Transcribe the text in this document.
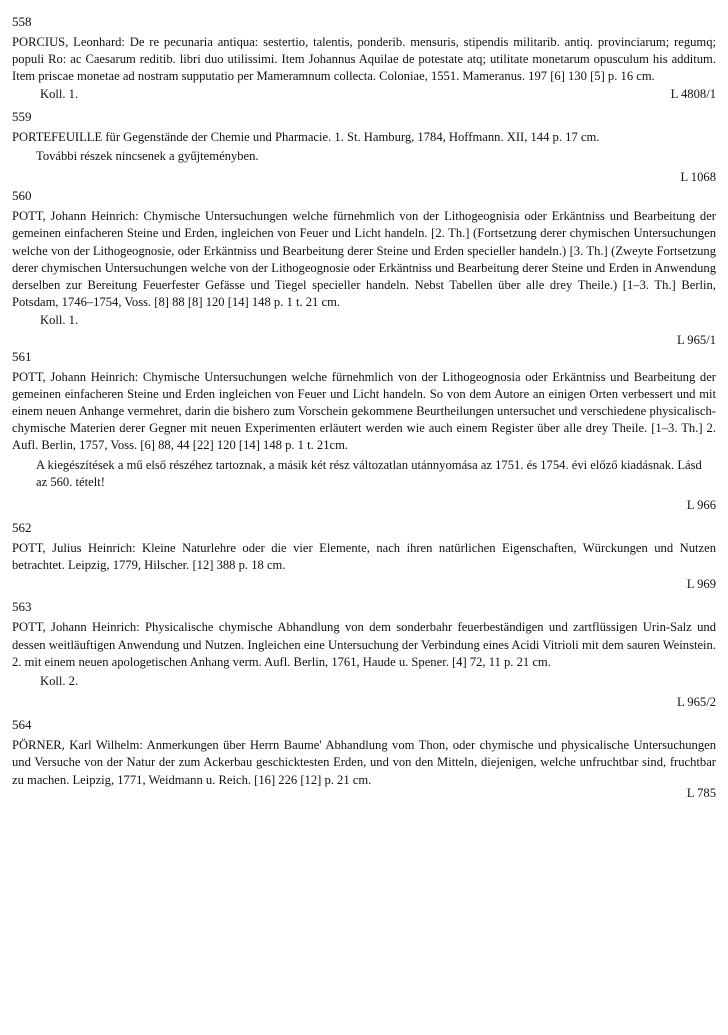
558

PORCIUS, Leonhard: De re pecunaria antiqua: sestertio, talentis, ponderib. mensuris, stipendis militarib. antiq. provinciarum; regumq; populi Ro: ac Caesarum reditib. libri duo utilissimi. Item Johannus Aquilae de potestate atq; utilitate monetarum opusculum his additum. Item priscae monetae ad nostram supputatio per Mameramnum collecta. Coloniae, 1551. Mameranus. 197 [6] 130 [5] p. 16 cm.

Koll. 1.	L 4808/1

559

PORTEFEUILLE für Gegenstände der Chemie und Pharmacie. 1. St. Hamburg, 1784, Hoffmann. XII, 144 p. 17 cm.

További részek nincsenek a gyűjteményben.

L 1068

560

POTT, Johann Heinrich: Chymische Untersuchungen welche fürnehmlich von der Lithogeognisia oder Erkäntniss und Bearbeitung der gemeinen einfacheren Steine und Erden, ingleichen von Feuer und Licht handeln. [2. Th.] (Fortsetzung derer chymischen Untersuchungen welche von der Lithogeognosie, oder Erkäntniss und Bearbeitung derer Steine und Erden specieller handeln.) [3. Th.] (Zweyte Fortsetzung derer chymischen Untersuchungen welche von der Lithogeognosie oder Erkäntniss und Bearbeitung derer Steine und Erden in Anwendung derselben zur Bereitung Feuerfester Gefässe und Tiegel specieller handeln. Nebst Tabellen über alle drey Theile.) [1–3. Th.] Berlin, Potsdam, 1746–1754, Voss. [8] 88 [8] 120 [14] 148 p. 1 t. 21 cm.

Koll. 1.

L 965/1

561

POTT, Johann Heinrich: Chymische Untersuchungen welche fürnehmlich von der Lithogeognosia oder Erkäntniss und Bearbeitung der gemeinen einfacheren Steine und Erden ingleichen von Feuer und Licht handeln. So von dem Autore an einigen Orten verbessert und mit einem neuen Anhange vermehret, darin die bishero zum Vorschein gekommene Beurtheilungen untersuchet und verschiedene physicalisch-chymische Materien derer Gegner mit neuen Experimenten erläutert werden wie auch einem Register über alle drey Theile. [1–3. Th.] 2. Aufl. Berlin, 1757, Voss. [6] 88, 44 [22] 120 [14] 148 p. 1 t. 21cm.

A kiegészítések a mű első részéhez tartoznak, a másik két rész változatlan utánnyomása az 1751. és 1754. évi előző kiadásnak. Lásd az 560. tételt!

L 966

562

POTT, Julius Heinrich: Kleine Naturlehre oder die vier Elemente, nach ihren natürlichen Eigenschaften, Würckungen und Nutzen betrachtet. Leipzig, 1779, Hilscher. [12] 388 p. 18 cm.

L 969

563

POTT, Johann Heinrich: Physicalische chymische Abhandlung von dem sonderbahr feuerbeständigen und zartflüssigen Urin-Salz und dessen weitläuftigen Anwendung und Nutzen. Ingleichen eine Untersuchung der Verbindung eines Acidi Vitrioli mit dem sauren Weinstein. 2. mit einem neuen apologetischen Anhang verm. Aufl. Berlin, 1761, Haude u. Spener. [4] 72, 11 p. 21 cm.

Koll. 2.

L 965/2

564

PÖRNER, Karl Wilhelm: Anmerkungen über Herrn Baume' Abhandlung vom Thon, oder chymische und physicalische Untersuchungen und Versuche von der Natur der zum Ackerbau geschicktesten Erden, und von den Mitteln, diejenigen, welche unfruchtbar sind, fruchtbar zu machen. Leipzig, 1771, Weidmann u. Reich. [16] 226 [12] p. 21 cm.

L 785
